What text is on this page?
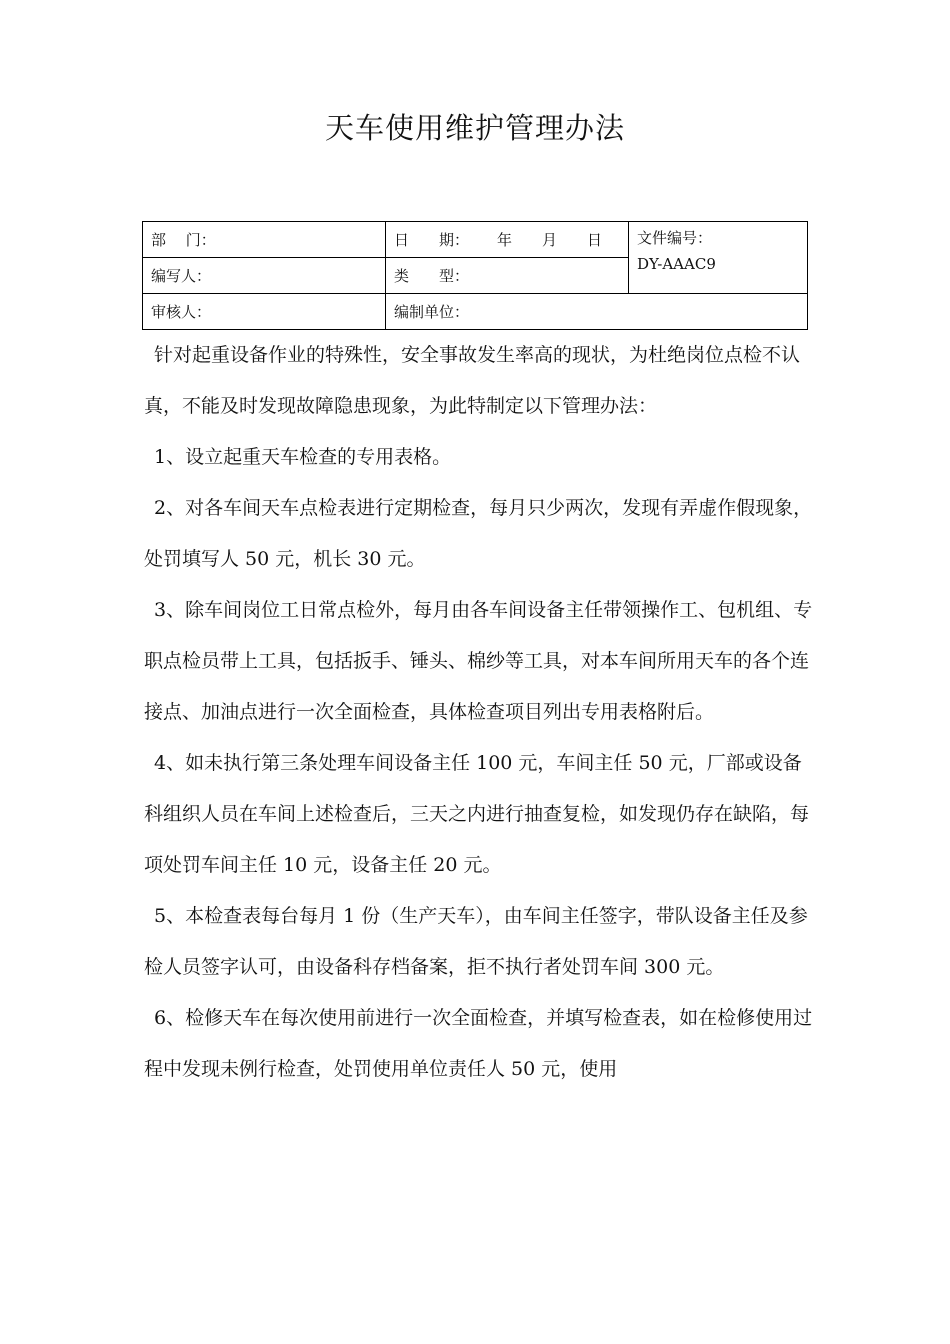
天车使用维护管理办法
部　 门：	日　　期： 年　　月　　日	文件编号：
DY-AAAC9

编写人：	类　　型：	
审核人：	编制单位：	

针对起重设备作业的特殊性，安全事故发生率高的现状，为杜绝岗位点检不认真，不能及时发现故障隐患现象，为此特制定以下管理办法：

1、设立起重天车检查的专用表格。

2、对各车间天车点检表进行定期检查，每月只少两次，发现有弄虚作假现象，处罚填写人 50 元，机长 30 元。

3、除车间岗位工日常点检外，每月由各车间设备主任带领操作工、包机组、专职点检员带上工具，包括扳手、锤头、棉纱等工具，对本车间所用天车的各个连接点、加油点进行一次全面检查，具体检查项目列出专用表格附后。

4、如未执行第三条处理车间设备主任 100 元，车间主任 50 元，厂部或设备科组织人员在车间上述检查后，三天之内进行抽查复检，如发现仍存在缺陷，每项处罚车间主任 10 元，设备主任 20 元。

5、本检查表每台每月 1 份（生产天车），由车间主任签字，带队设备主任及参检人员签字认可，由设备科存档备案，拒不执行者处罚车间 300 元。

6、检修天车在每次使用前进行一次全面检查，并填写检查表，如在检修使用过程中发现未例行检查，处罚使用单位责任人 50 元，使用
